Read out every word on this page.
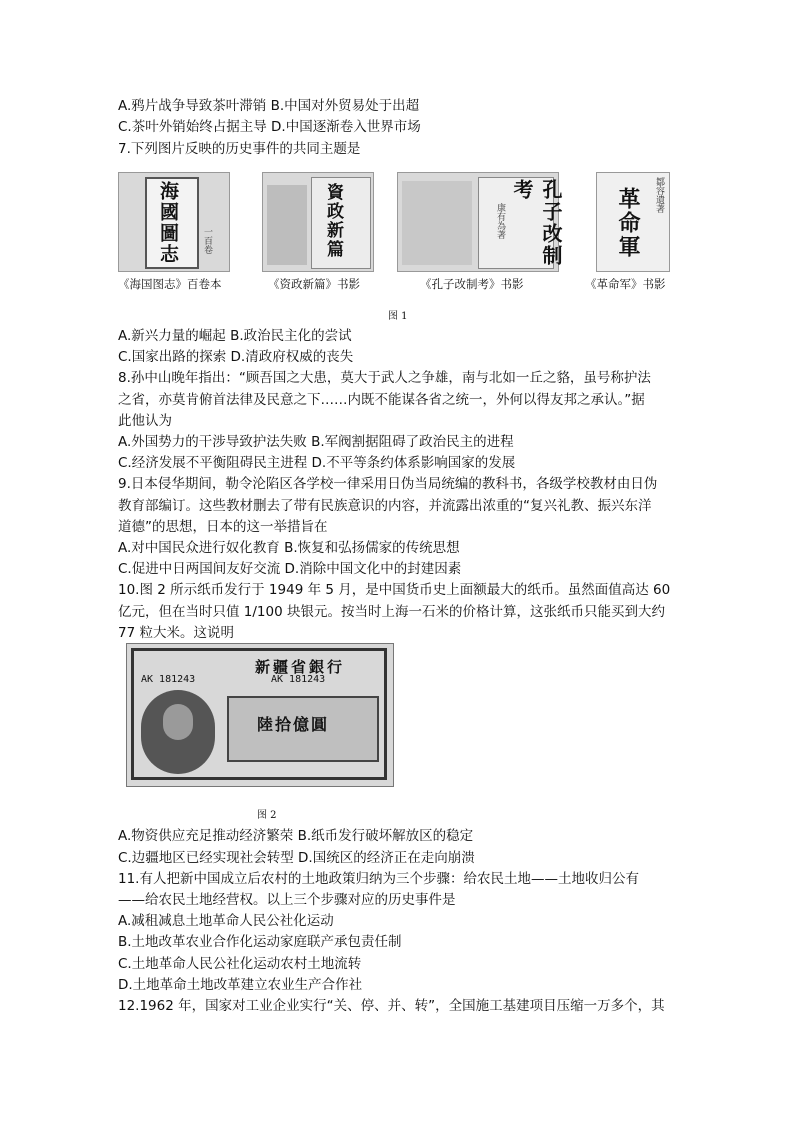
A.鸦片战争导致茶叶滞销 B.中国对外贸易处于出超
C.茶叶外销始终占据主导 D.中国逐渐卷入世界市场
7.下列图片反映的历史事件的共同主题是
海國圖志	一百卷	資政新篇	孔子改制考
康有為著
鄒容遺著
革命軍
《海国图志》百卷本	《资政新篇》书影	《孔子改制考》书影	《革命军》书影
图 1
A.新兴力量的崛起 B.政治民主化的尝试
C.国家出路的探索 D.清政府权威的丧失
8.孙中山晚年指出：“顾吾国之大患，莫大于武人之争雄，南与北如一丘之貉，虽号称护法
之省，亦莫肯俯首法律及民意之下……内既不能谋各省之统一，外何以得友邦之承认。”据
此他认为
A.外国势力的干涉导致护法失败 B.军阀割据阻碍了政治民主的进程
C.经济发展不平衡阻碍民主进程 D.不平等条约体系影响国家的发展
9.日本侵华期间，勒令沦陷区各学校一律采用日伪当局统编的教科书，各级学校教材由日伪
教育部编订。这些教材删去了带有民族意识的内容，并流露出浓重的“复兴礼教、振兴东洋
道德”的思想，日本的这一举措旨在
A.对中国民众进行奴化教育 B.恢复和弘扬儒家的传统思想
C.促进中日两国间友好交流 D.消除中国文化中的封建因素
10.图 2 所示纸币发行于 1949 年 5 月，是中国货币史上面额最大的纸币。虽然面值高达 60
亿元，但在当时只值 1/100 块银元。按当时上海一石米的价格计算，这张纸币只能买到大约
77 粒大米。这说明
新疆省銀行
AK 181243	AK 181243
陸拾億圓
图 2
A.物资供应充足推动经济繁荣 B.纸币发行破坏解放区的稳定
C.边疆地区已经实现社会转型 D.国统区的经济正在走向崩溃
11.有人把新中国成立后农村的土地政策归纳为三个步骤：给农民土地——土地收归公有
——给农民土地经营权。以上三个步骤对应的历史事件是
A.减租减息土地革命人民公社化运动
B.土地改革农业合作化运动家庭联产承包责任制
C.土地革命人民公社化运动农村土地流转
D.土地革命土地改革建立农业生产合作社
12.1962 年，国家对工业企业实行“关、停、并、转”，全国施工基建项目压缩一万多个，其
